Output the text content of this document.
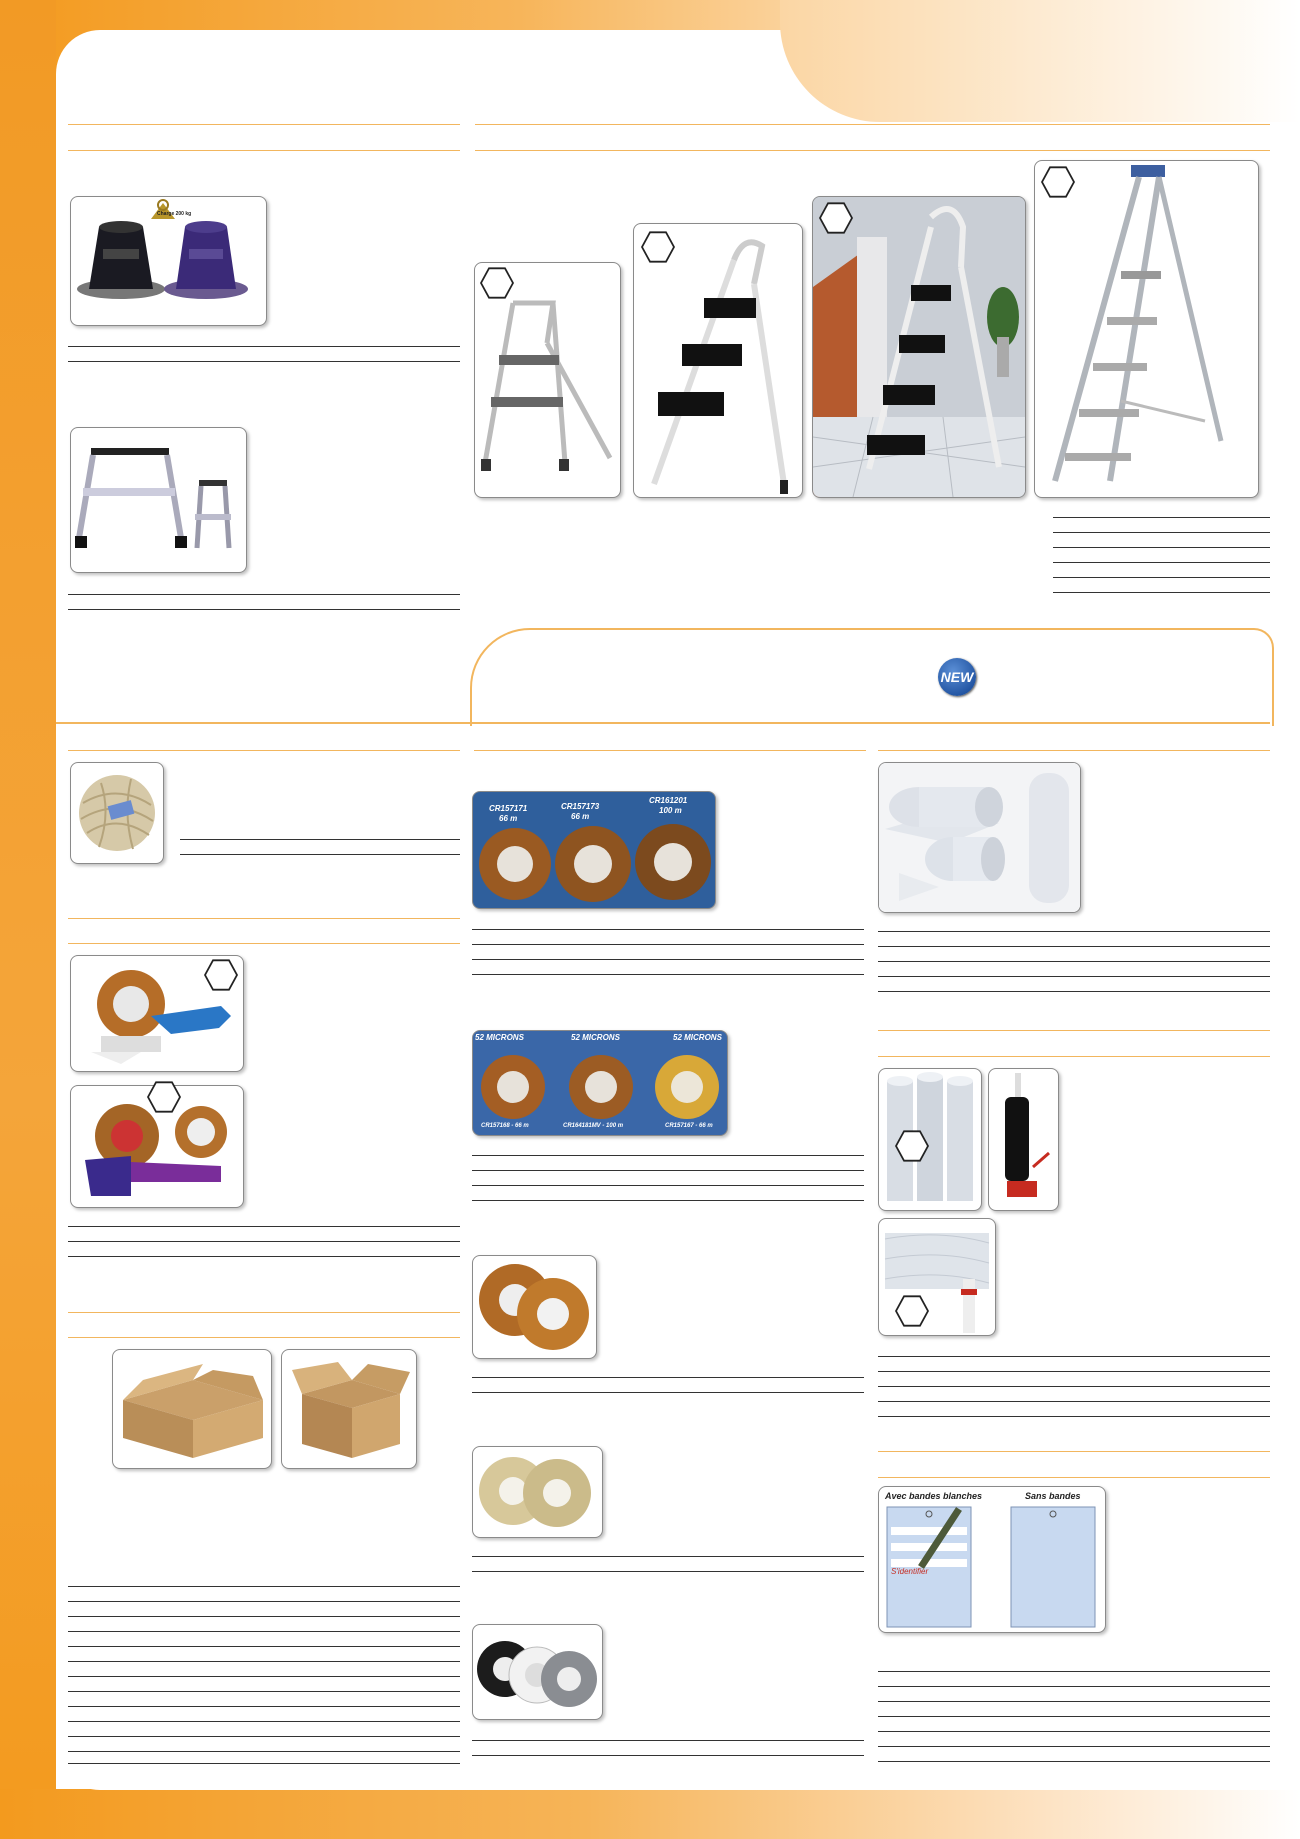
Charge 200 kg
NEW
CR157171
66 m
CR157173
66 m
CR161201
100 m
52 MICRONS	52 MICRONS	52 MICRONS
CR157168 - 66 m	CR164181MV - 100 m	CR157167 - 66 m
Avec bandes blanches	Sans bandes
S'identifier
